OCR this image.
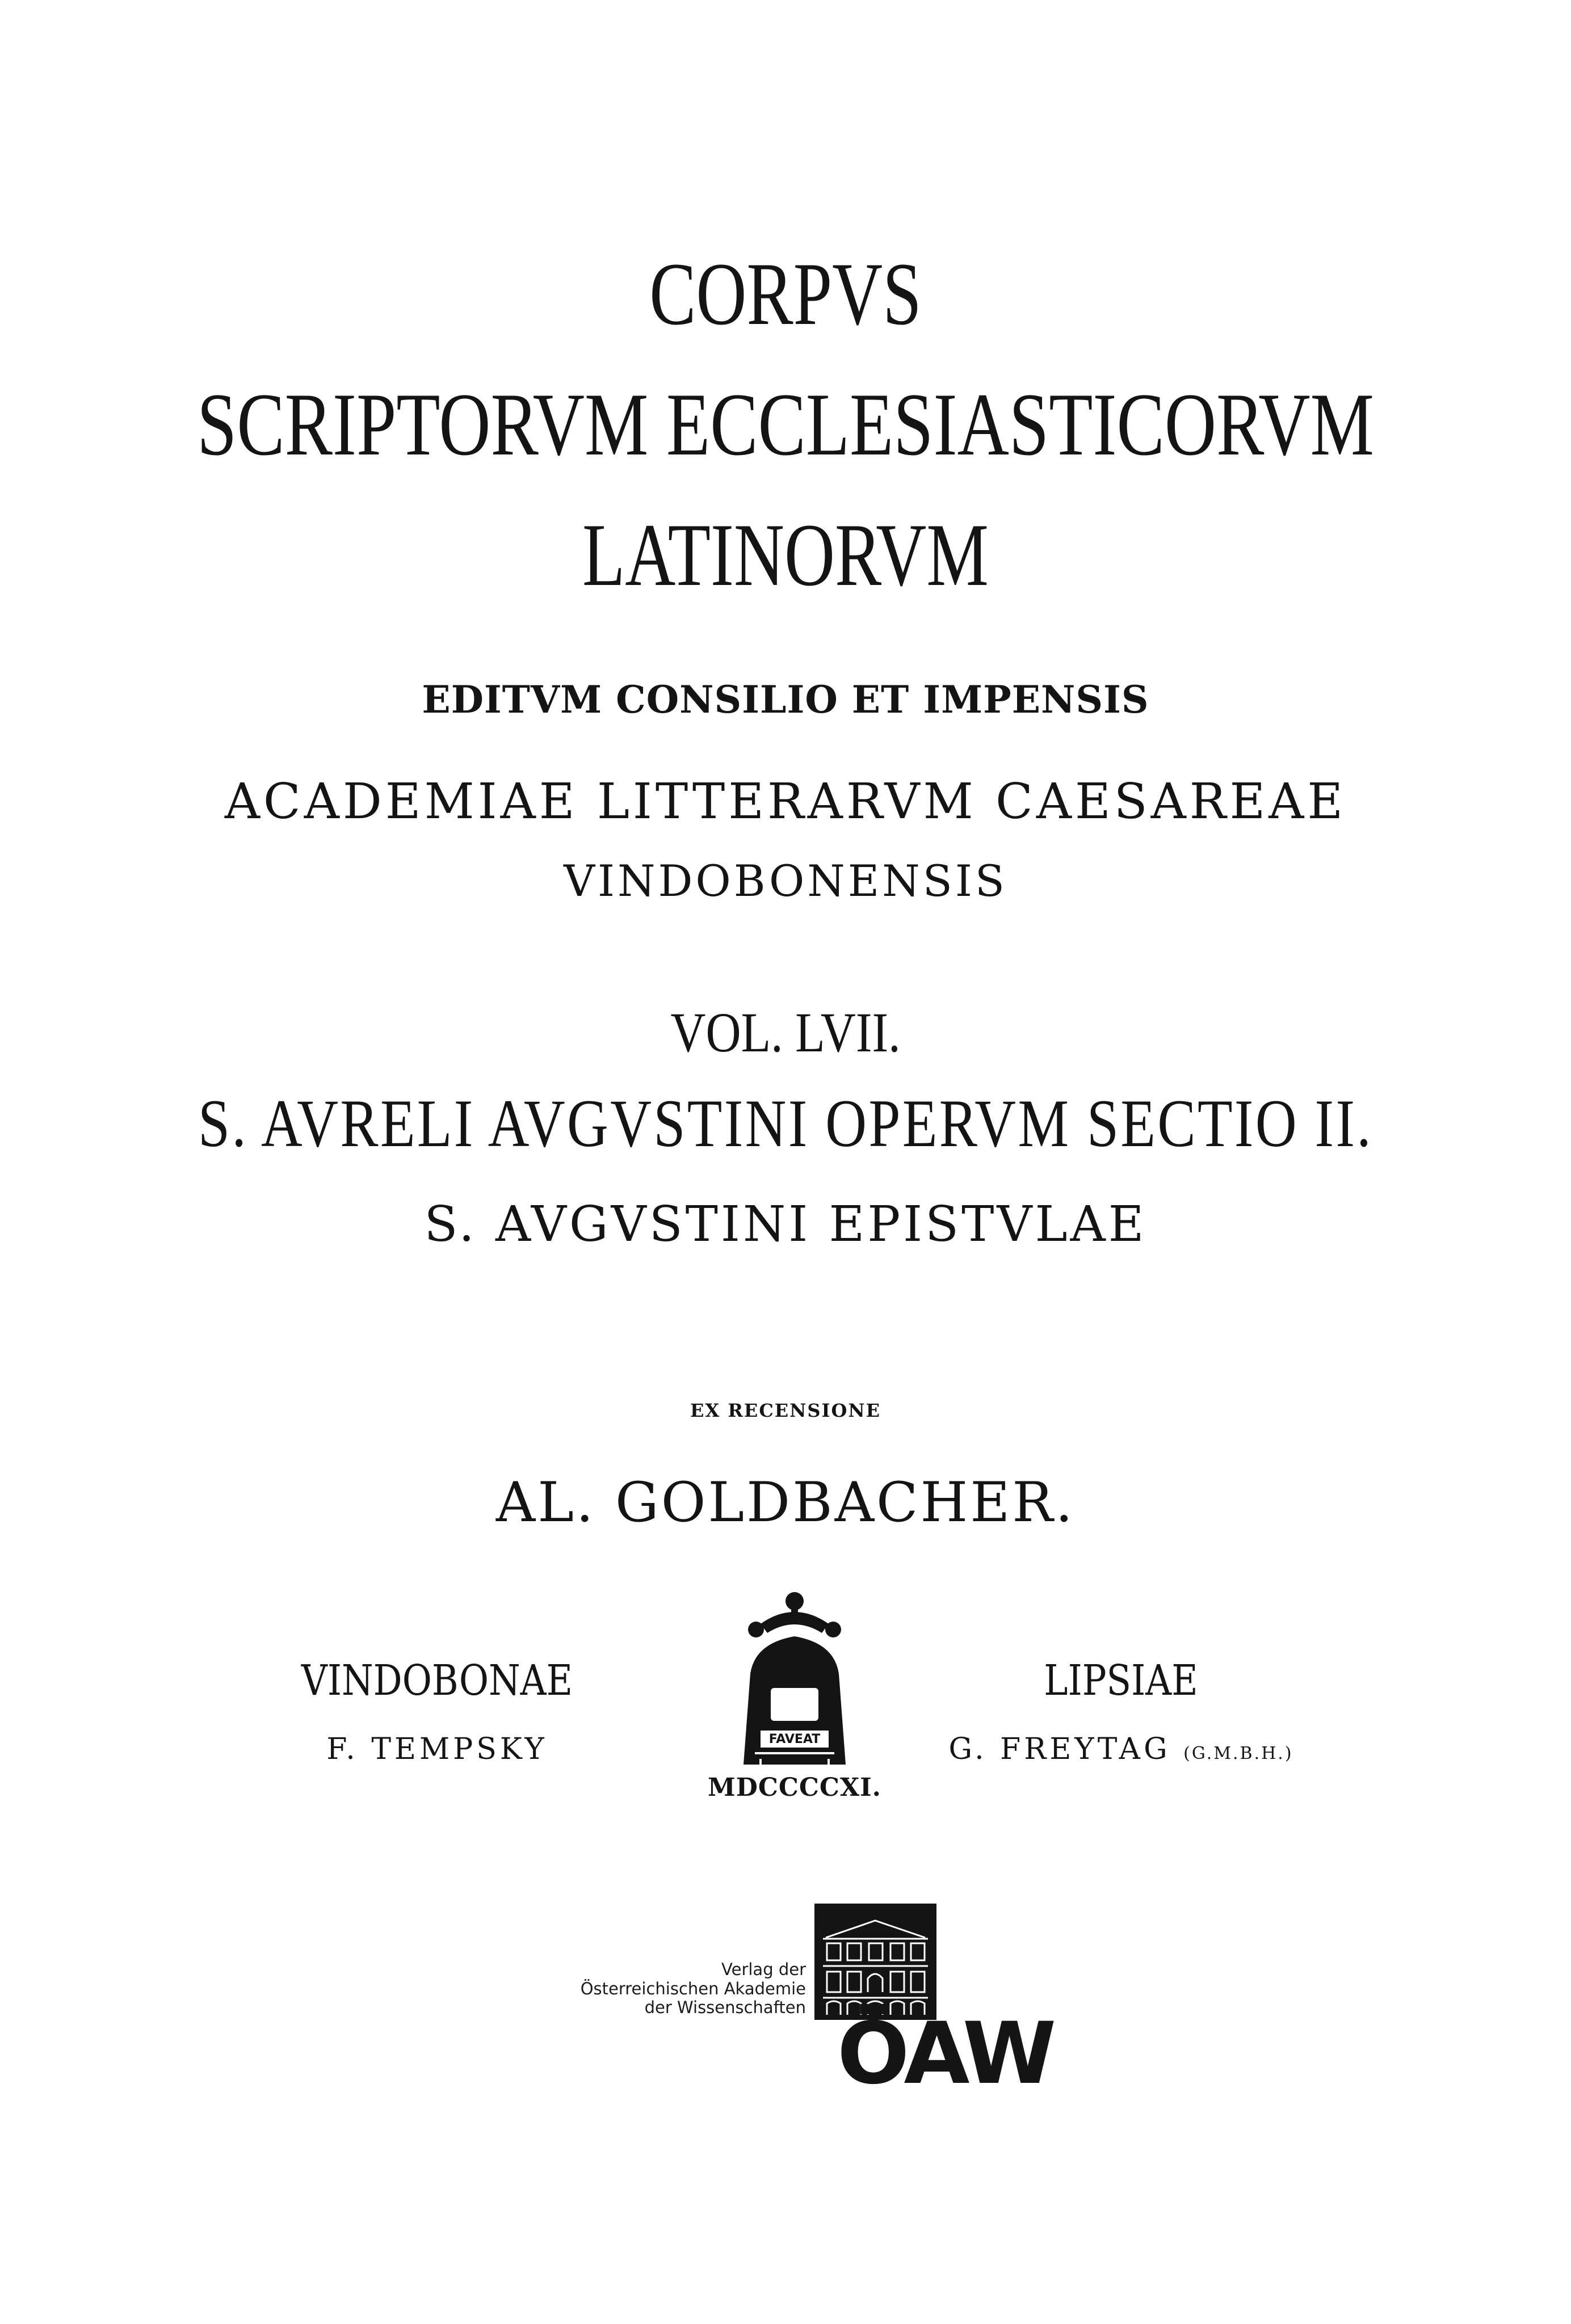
CORPVS
SCRIPTORVM ECCLESIASTICORVM
LATINORVM
EDITVM CONSILIO ET IMPENSIS
ACADEMIAE LITTERARVM CAESAREAE
VINDOBONENSIS
VOL. LVII.
S. AVRELI AVGVSTINI OPERVM SECTIO II.
S. AVGVSTINI EPISTVLAE
EX RECENSIONE
AL. GOLDBACHER.
VINDOBONAE
F. TEMPSKY	FAVEAT
MDCCCCXI.
LIPSIAE
G. FREYTAG (G.M.B.H.)
Verlag der
Österreichischen Akademie
der Wissenschaften ÖAW
